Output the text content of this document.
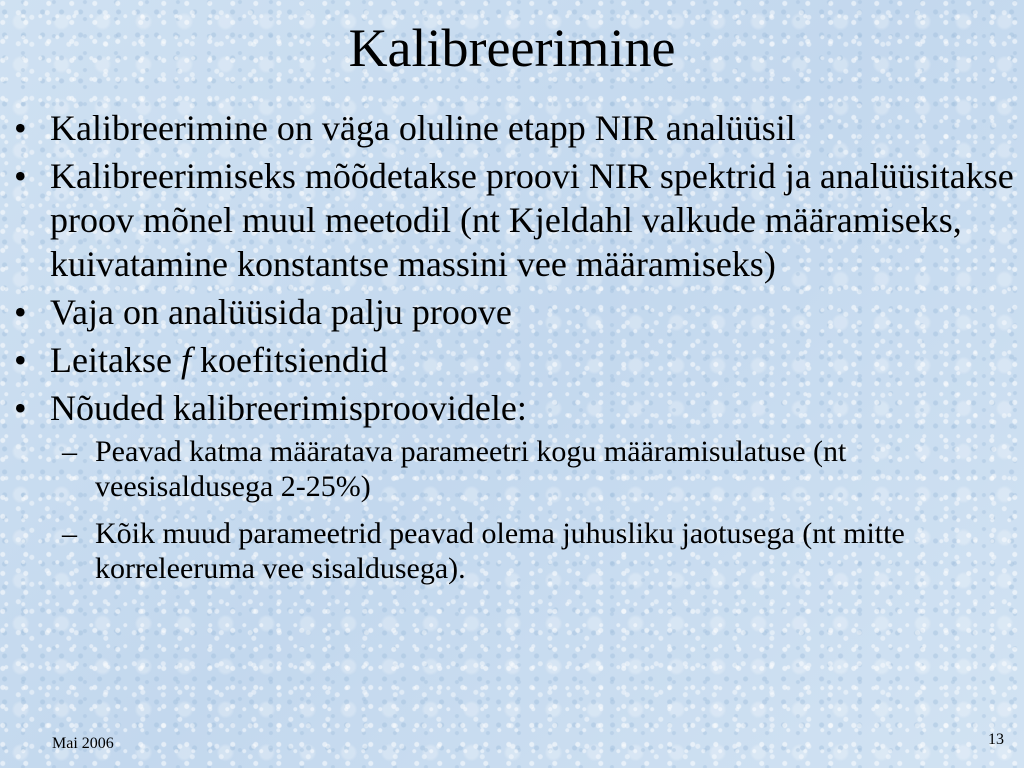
Kalibreerimine
• Kalibreerimine on väga oluline etapp NIR analüüsil
• Kalibreerimiseks mõõdetakse proovi NIR spektrid ja analüüsitakse proov mõnel muul meetodil (nt Kjeldahl valkude määramiseks, kuivatamine konstantse massini vee määramiseks)
• Vaja on analüüsida palju proove
• Leitakse f koefitsiendid
• Nõuded kalibreerimisproovidele:
– Peavad katma määratava parameetri kogu määramisulatuse (nt veesisaldusega 2-25%)
– Kõik muud parameetrid peavad olema juhusliku jaotusega (nt mitte korreleeruma vee sisaldusega).
Mai 2006	13
